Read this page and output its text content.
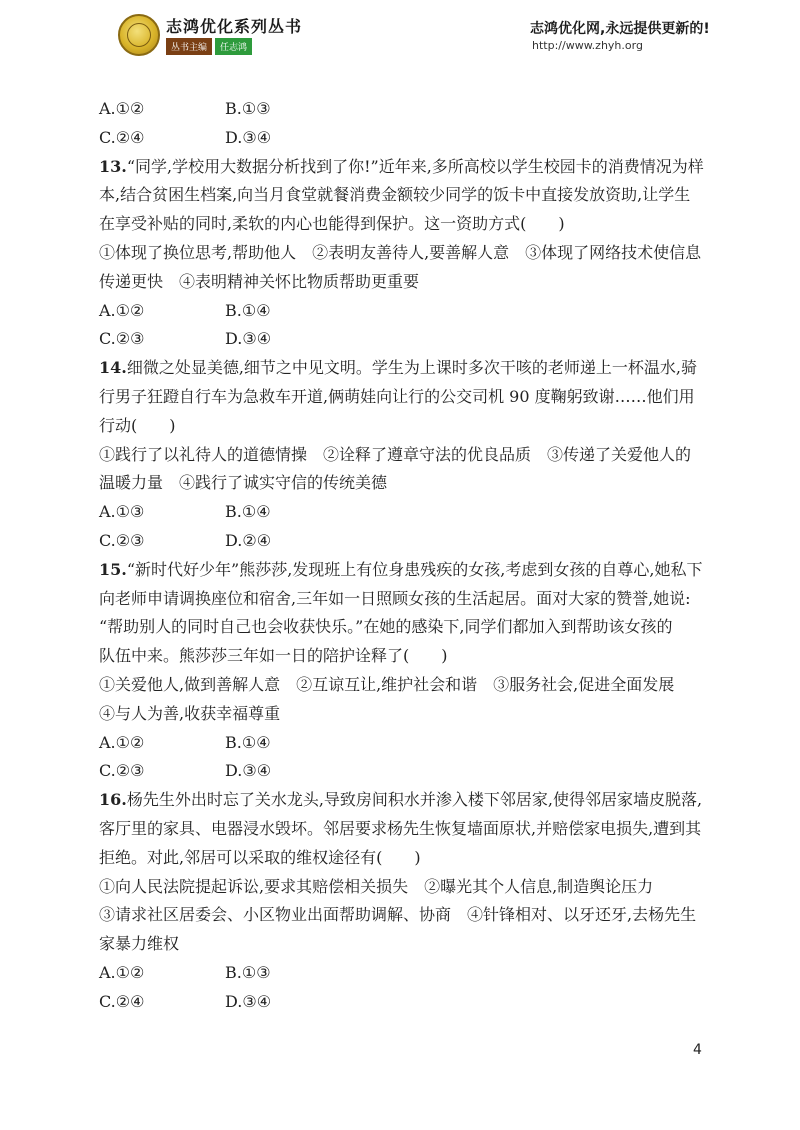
志鸿优化系列丛书
丛书主编	任志鸿
志鸿优化网,永远提供更新的!
http://www.zhyh.org
A.①②	B.①③
C.②④	D.③④
13.“同学,学校用大数据分析找到了你!”近年来,多所高校以学生校园卡的消费情况为样
本,结合贫困生档案,向当月食堂就餐消费金额较少同学的饭卡中直接发放资助,让学生
在享受补贴的同时,柔软的内心也能得到保护。这一资助方式(　　)
①体现了换位思考,帮助他人　②表明友善待人,要善解人意　③体现了网络技术使信息
传递更快　④表明精神关怀比物质帮助更重要
A.①②	B.①④
C.②③	D.③④
14.细微之处显美德,细节之中见文明。学生为上课时多次干咳的老师递上一杯温水,骑
行男子狂蹬自行车为急救车开道,俩萌娃向让行的公交司机 90 度鞠躬致谢……他们用
行动(　　)
①践行了以礼待人的道德情操　②诠释了遵章守法的优良品质　③传递了关爱他人的
温暖力量　④践行了诚实守信的传统美德
A.①③	B.①④
C.②③	D.②④
15.“新时代好少年”熊莎莎,发现班上有位身患残疾的女孩,考虑到女孩的自尊心,她私下
向老师申请调换座位和宿舍,三年如一日照顾女孩的生活起居。面对大家的赞誉,她说:
“帮助别人的同时自己也会收获快乐。”在她的感染下,同学们都加入到帮助该女孩的
队伍中来。熊莎莎三年如一日的陪护诠释了(　　)
①关爱他人,做到善解人意　②互谅互让,维护社会和谐　③服务社会,促进全面发展
④与人为善,收获幸福尊重
A.①②	B.①④
C.②③	D.③④
16.杨先生外出时忘了关水龙头,导致房间积水并渗入楼下邻居家,使得邻居家墙皮脱落,
客厅里的家具、电器浸水毁坏。邻居要求杨先生恢复墙面原状,并赔偿家电损失,遭到其
拒绝。对此,邻居可以采取的维权途径有(　　)
①向人民法院提起诉讼,要求其赔偿相关损失　②曝光其个人信息,制造舆论压力
③请求社区居委会、小区物业出面帮助调解、协商　④针锋相对、以牙还牙,去杨先生
家暴力维权
A.①②	B.①③
C.②④	D.③④
4
